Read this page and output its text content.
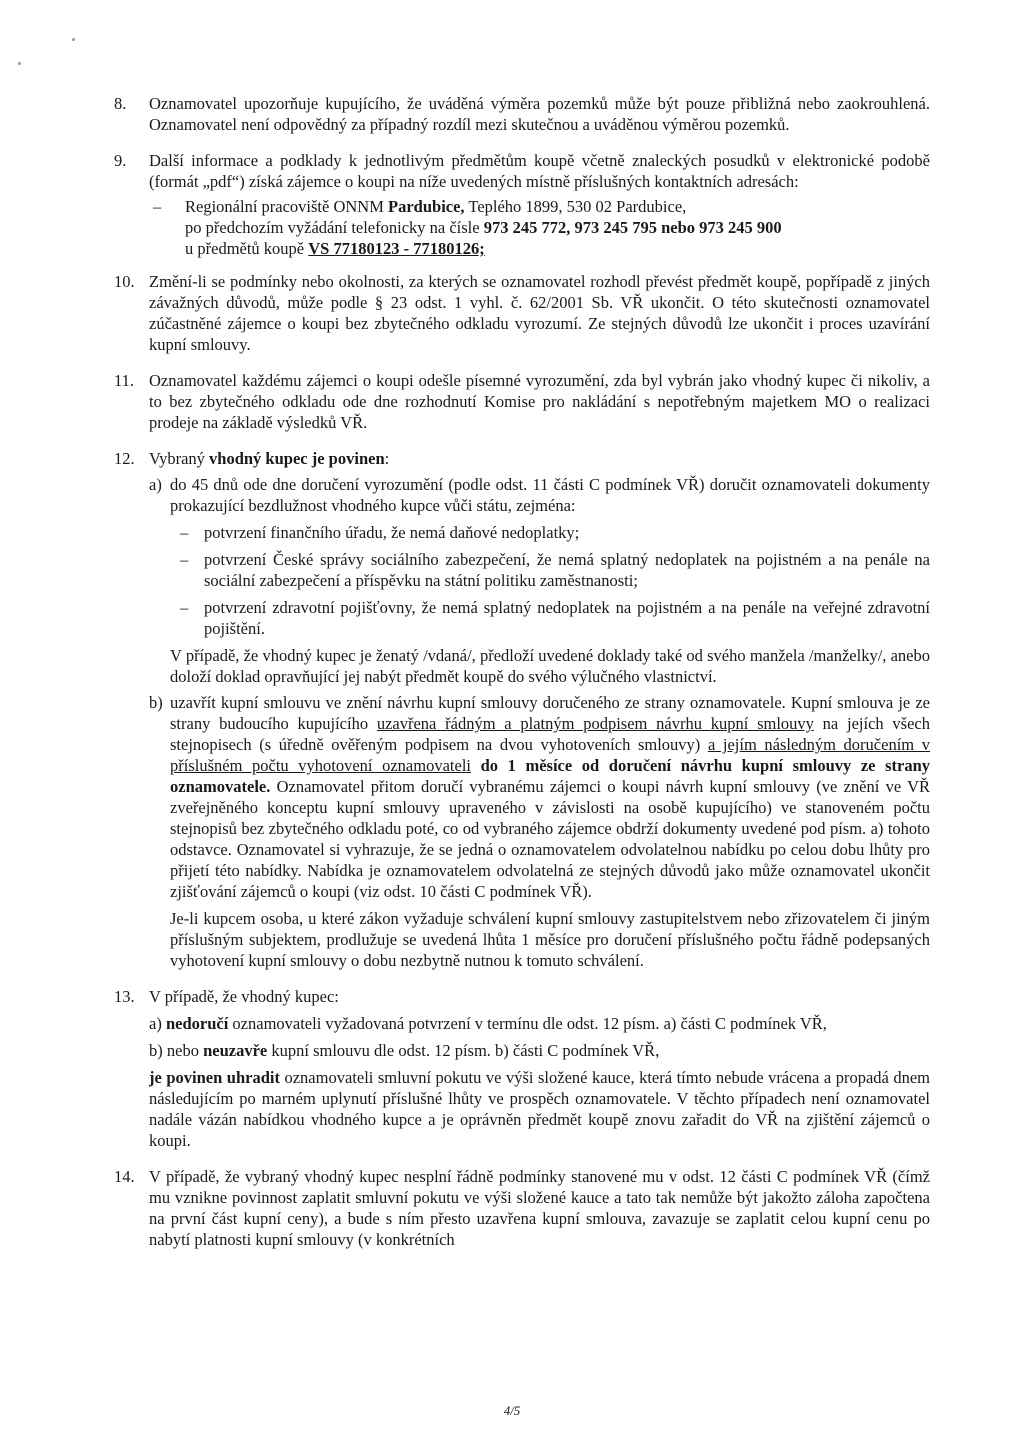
8. Oznamovatel upozorňuje kupujícího, že uváděná výměra pozemků může být pouze přibližná nebo zaokrouhlená. Oznamovatel není odpovědný za případný rozdíl mezi skutečnou a uváděnou výměrou pozemků.
9. Další informace a podklady k jednotlivým předmětům koupě včetně znaleckých posudků v elektronické podobě (formát „pdf“) získá zájemce o koupi na níže uvedených místně příslušných kontaktních adresách:
– Regionální pracoviště ONNM Pardubice, Teplého 1899, 530 02 Pardubice,
po předchozím vyžádání telefonicky na čísle 973 245 772, 973 245 795 nebo 973 245 900
u předmětů koupě VS 77180123 - 77180126;
10. Změní-li se podmínky nebo okolnosti, za kterých se oznamovatel rozhodl převést předmět koupě, popřípadě z jiných závažných důvodů, může podle § 23 odst. 1 vyhl. č. 62/2001 Sb. VŘ ukončit. O této skutečnosti oznamovatel zúčastněné zájemce o koupi bez zbytečného odkladu vyrozumí. Ze stejných důvodů lze ukončit i proces uzavírání kupní smlouvy.
11. Oznamovatel každému zájemci o koupi odešle písemné vyrozumění, zda byl vybrán jako vhodný kupec či nikoliv, a to bez zbytečného odkladu ode dne rozhodnutí Komise pro nakládání s nepotřebným majetkem MO o realizaci prodeje na základě výsledků VŘ.
12. Vybraný vhodný kupec je povinen:
a) do 45 dnů ode dne doručení vyrozumění (podle odst. 11 části C podmínek VŘ) doručit oznamovateli dokumenty prokazující bezdlužnost vhodného kupce vůči státu, zejména:
– potvrzení finančního úřadu, že nemá daňové nedoplatky;
– potvrzení České správy sociálního zabezpečení, že nemá splatný nedoplatek na pojistném a na penále na sociální zabezpečení a příspěvku na státní politiku zaměstnanosti;
– potvrzení zdravotní pojišťovny, že nemá splatný nedoplatek na pojistném a na penále na veřejné zdravotní pojištění.
V případě, že vhodný kupec je ženatý /vdaná/, předloží uvedené doklady také od svého manžela /manželky/, anebo doloží doklad opravňující jej nabýt předmět koupě do svého výlučného vlastnictví.
b) uzavřít kupní smlouvu ve znění návrhu kupní smlouvy doručeného ze strany oznamovatele. Kupní smlouva je ze strany budoucího kupujícího uzavřena řádným a platným podpisem návrhu kupní smlouvy na jejích všech stejnopisech (s úředně ověřeným podpisem na dvou vyhotoveních smlouvy) a jejím následným doručením v příslušném počtu vyhotovení oznamovateli do 1 měsíce od doručení návrhu kupní smlouvy ze strany oznamovatele. Oznamovatel přitom doručí vybranému zájemci o koupi návrh kupní smlouvy (ve znění ve VŘ zveřejněného konceptu kupní smlouvy upraveného v závislosti na osobě kupujícího) ve stanoveném počtu stejnopisů bez zbytečného odkladu poté, co od vybraného zájemce obdrží dokumenty uvedené pod písm. a) tohoto odstavce. Oznamovatel si vyhrazuje, že se jedná o oznamovatelem odvolatelnou nabídku po celou dobu lhůty pro přijetí této nabídky. Nabídka je oznamovatelem odvolatelná ze stejných důvodů jako může oznamovatel ukončit zjišťování zájemců o koupi (viz odst. 10 části C podmínek VŘ).
Je-li kupcem osoba, u které zákon vyžaduje schválení kupní smlouvy zastupitelstvem nebo zřizovatelem či jiným příslušným subjektem, prodlužuje se uvedená lhůta 1 měsíce pro doručení příslušného počtu řádně podepsaných vyhotovení kupní smlouvy o dobu nezbytně nutnou k tomuto schválení.
13. V případě, že vhodný kupec:
a) nedoručí oznamovateli vyžadovaná potvrzení v termínu dle odst. 12 písm. a) části C podmínek VŘ,
b) nebo neuzavře kupní smlouvu dle odst. 12 písm. b) části C podmínek VŘ,
je povinen uhradit oznamovateli smluvní pokutu ve výši složené kauce, která tímto nebude vrácena a propadá dnem následujícím po marném uplynutí příslušné lhůty ve prospěch oznamovatele. V těchto případech není oznamovatel nadále vázán nabídkou vhodného kupce a je oprávněn předmět koupě znovu zařadit do VŘ na zjištění zájemců o koupi.
14. V případě, že vybraný vhodný kupec nesplní řádně podmínky stanovené mu v odst. 12 části C podmínek VŘ (čímž mu vznikne povinnost zaplatit smluvní pokutu ve výši složené kauce a tato tak nemůže být jakožto záloha započtena na první část kupní ceny), a bude s ním přesto uzavřena kupní smlouva, zavazuje se zaplatit celou kupní cenu po nabytí platnosti kupní smlouvy (v konkrétních
4/5
